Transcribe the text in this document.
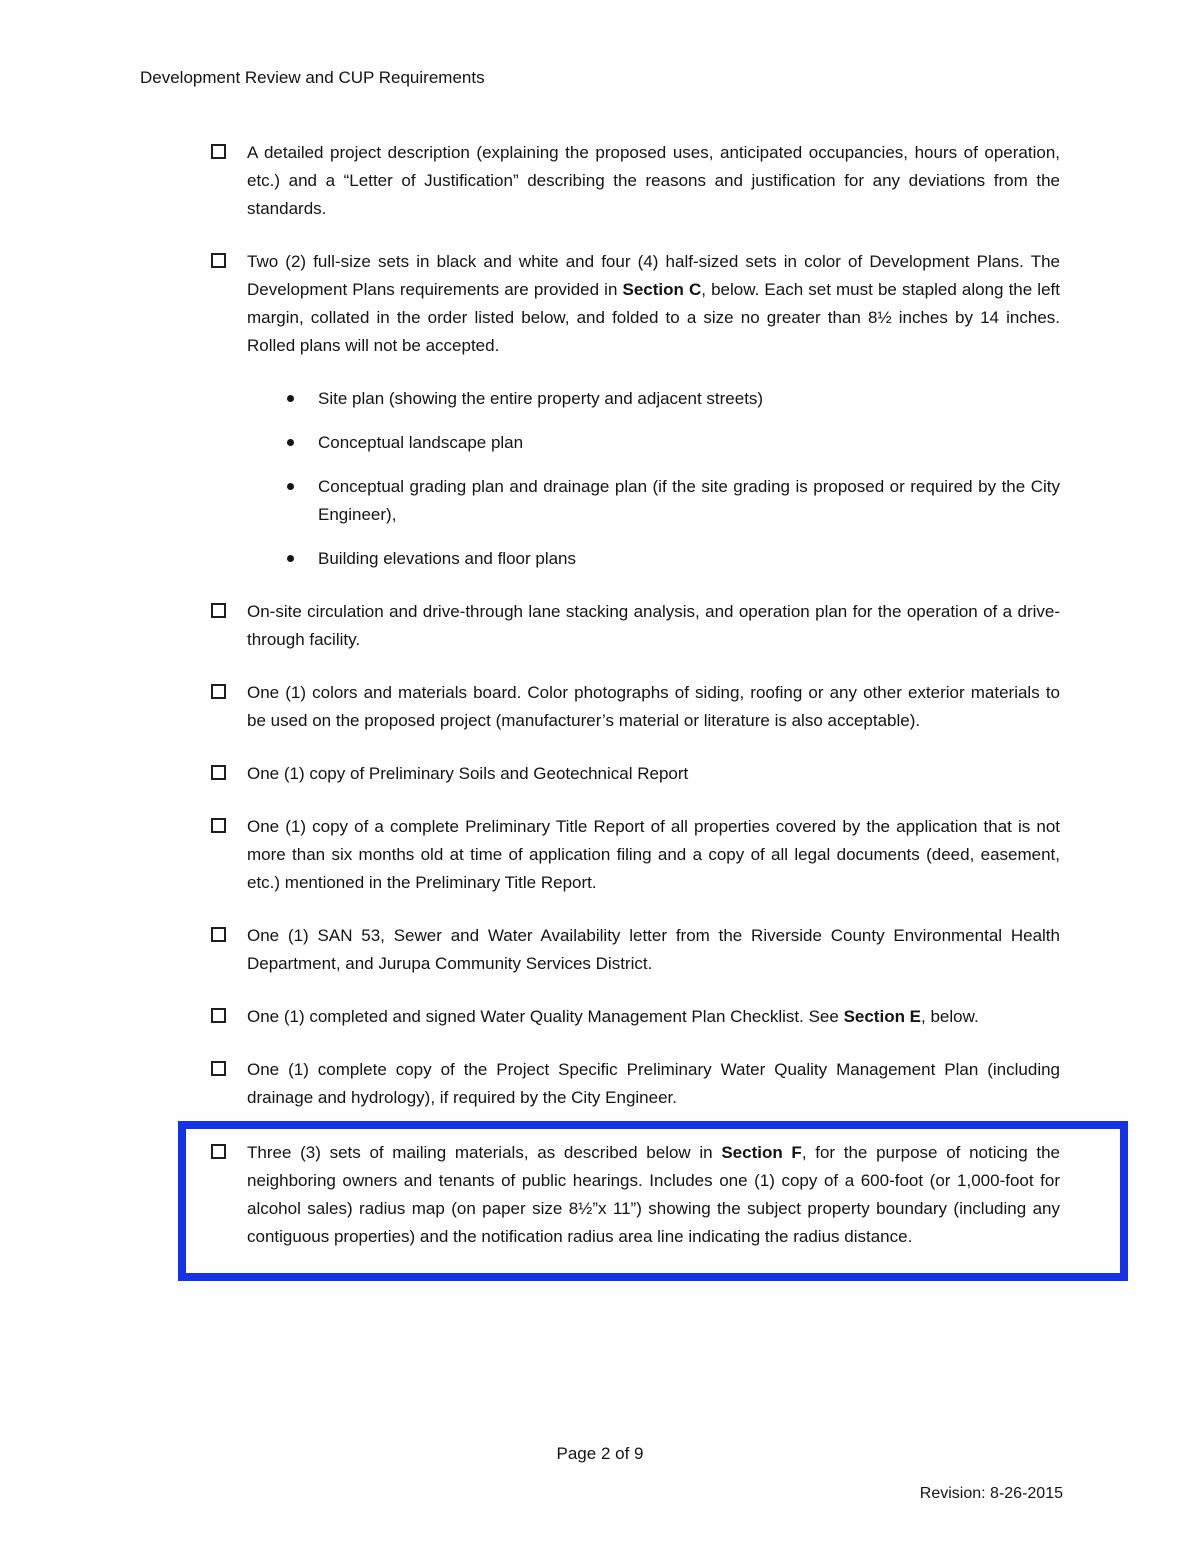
Development Review and CUP Requirements
A detailed project description (explaining the proposed uses, anticipated occupancies, hours of operation, etc.) and a “Letter of Justification” describing the reasons and justification for any deviations from the standards.
Two (2) full-size sets in black and white and four (4) half-sized sets in color of Development Plans. The Development Plans requirements are provided in Section C, below. Each set must be stapled along the left margin, collated in the order listed below, and folded to a size no greater than 8½ inches by 14 inches. Rolled plans will not be accepted.
Site plan (showing the entire property and adjacent streets)
Conceptual landscape plan
Conceptual grading plan and drainage plan (if the site grading is proposed or required by the City Engineer),
Building elevations and floor plans
On-site circulation and drive-through lane stacking analysis, and operation plan for the operation of a drive-through facility.
One (1) colors and materials board. Color photographs of siding, roofing or any other exterior materials to be used on the proposed project (manufacturer’s material or literature is also acceptable).
One (1) copy of Preliminary Soils and Geotechnical Report
One (1) copy of a complete Preliminary Title Report of all properties covered by the application that is not more than six months old at time of application filing and a copy of all legal documents (deed, easement, etc.) mentioned in the Preliminary Title Report.
One (1) SAN 53, Sewer and Water Availability letter from the Riverside County Environmental Health Department, and Jurupa Community Services District.
One (1) completed and signed Water Quality Management Plan Checklist. See Section E, below.
One (1) complete copy of the Project Specific Preliminary Water Quality Management Plan (including drainage and hydrology), if required by the City Engineer.
Three (3) sets of mailing materials, as described below in Section F, for the purpose of noticing the neighboring owners and tenants of public hearings. Includes one (1) copy of a 600-foot (or 1,000-foot for alcohol sales) radius map (on paper size 8½”x 11”) showing the subject property boundary (including any contiguous properties) and the notification radius area line indicating the radius distance.
Page 2 of 9
Revision: 8-26-2015
